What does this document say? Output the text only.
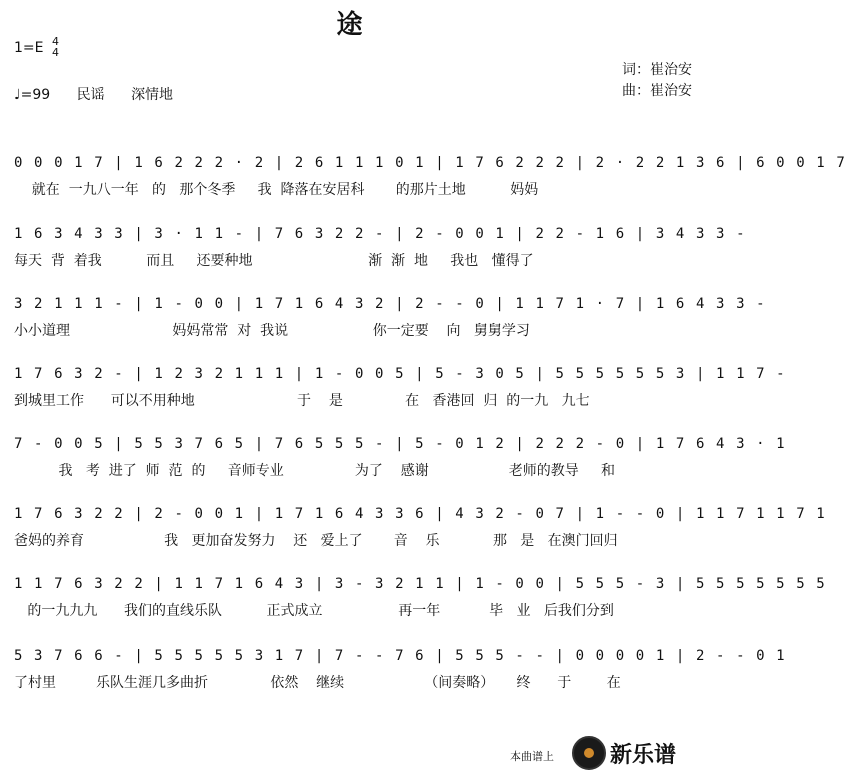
途
1=E 4
4
♩=99 民谣 深情地
词：崔治安
曲：崔治安
0 0 0 1 7 | 1 6 2 2 2 · 2 | 2 6 1 1 1 0 1 | 1 7 6 2 2 2 | 2 · 2 2 1 3 6 | 6 0 0 1 7
就在  一九八一年   的   那个冬季     我  降落在安居科       的那片土地          妈妈
1 6 3 4 3 3 | 3 · 1 1 - | 7 6 3 2 2 - | 2 - 0 0 1 | 2 2 - 1 6 | 3 4 3 3 -
每天  背  着我          而且     还要种地                          渐  渐  地     我也   懂得了
3 2 1 1 1 - | 1 - 0 0 | 1 7 1 6 4 3 2 | 2 - - 0 | 1 1 7 1 · 7 | 1 6 4 3 3 -
小小道理                       妈妈常常  对  我说                   你一定要    向   舅舅学习
1 7 6 3 2 - | 1 2 3 2 1 1 1 | 1 - 0 0 5 | 5 - 3 0 5 | 5 5 5 5 5 5 3 | 1 1 7 -
到城里工作      可以不用种地                       于    是              在   香港回  归  的一九   九七
7 - 0 0 5 | 5 5 3 7 6 5 | 7 6 5 5 5 - | 5 - 0 1 2 | 2 2 2 - 0 | 1 7 6 4 3 · 1
我   考  进了  师  范  的     音师专业                为了    感谢                  老师的教导     和
1 7 6 3 2 2 | 2 - 0 0 1 | 1 7 1 6 4 3 3 6 | 4 3 2 - 0 7 | 1 - - 0 | 1 1 7 1 1 7 1
爸妈的养育                  我   更加奋发努力    还   爱上了       音    乐            那   是   在澳门回归
1 1 7 6 3 2 2 | 1 1 7 1 6 4 3 | 3 - 3 2 1 1 | 1 - 0 0 | 5 5 5 - 3 | 5 5 5 5 5 5 5
的一九九九      我们的直线乐队          正式成立                 再一年           毕   业   后我们分到
5 3 7 6 6 - | 5 5 5 5 5 3 1 7 | 7 - - 7 6 | 5 5 5 - - | 0 0 0 0 1 | 2 - - 0 1
了村里         乐队生涯几多曲折              依然    继续                  （间奏略）     终      于        在
本曲谱上	新乐谱
